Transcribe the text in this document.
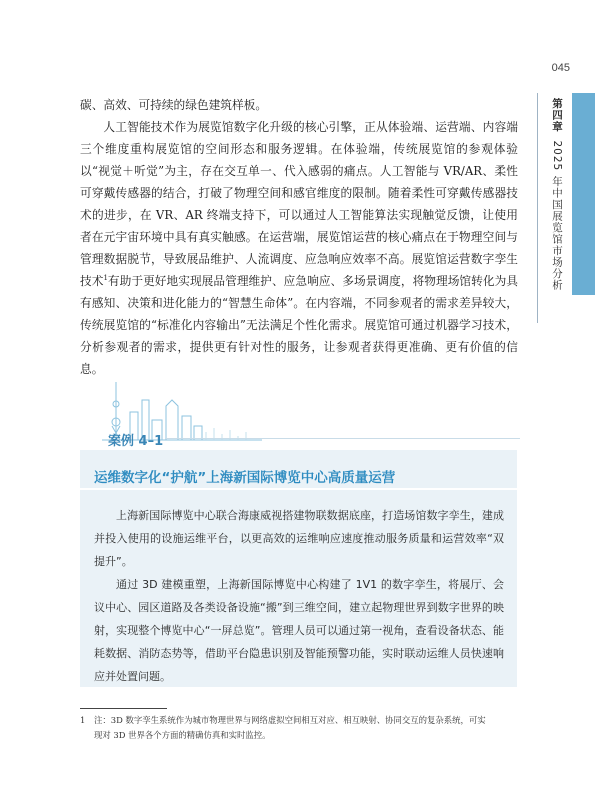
045
第四章2025 年中国展览馆市场分析

碳、高效、可持续的绿色建筑样板。

人工智能技术作为展览馆数字化升级的核心引擎，正从体验端、运营端、内容端三个维度重构展览馆的空间形态和服务逻辑。在体验端，传统展览馆的参观体验以“视觉＋听觉”为主，存在交互单一、代入感弱的痛点。人工智能与 VR/AR、柔性可穿戴传感器的结合，打破了物理空间和感官维度的限制。随着柔性可穿戴传感器技术的进步，在 VR、AR 终端支持下，可以通过人工智能算法实现触觉反馈，让使用者在元宇宙环境中具有真实触感。在运营端，展览馆运营的核心痛点在于物理空间与管理数据脱节，导致展品维护、人流调度、应急响应效率不高。展览馆运营数字孪生技术$^1$有助于更好地实现展品管理维护、应急响应、多场景调度，将物理场馆转化为具有感知、决策和进化能力的“智慧生命体”。在内容端，不同参观者的需求差异较大，传统展览馆的“标准化内容输出”无法满足个性化需求。展览馆可通过机器学习技术，分析参观者的需求，提供更有针对性的服务，让参观者获得更准确、更有价值的信息。

案例 4–1
运维数字化“护航”上海新国际博览中心高质量运营

上海新国际博览中心联合海康威视搭建物联数据底座，打造场馆数字孪生，建成并投入使用的设施运维平台，以更高效的运维响应速度推动服务质量和运营效率“双提升”。

通过 3D 建模重塑，上海新国际博览中心构建了 1V1 的数字孪生，将展厅、会议中心、园区道路及各类设备设施“搬”到三维空间，建立起物理世界到数字世界的映射，实现整个博览中心“一屏总览”。管理人员可以通过第一视角，查看设备状态、能耗数据、消防态势等，借助平台隐患识别及智能预警功能，实时联动运维人员快速响应并处置问题。

1 注：3D 数字孪生系统作为城市物理世界与网络虚拟空间相互对应、相互映射、协同交互的复杂系统，可实
现对 3D 世界各个方面的精确仿真和实时监控。
